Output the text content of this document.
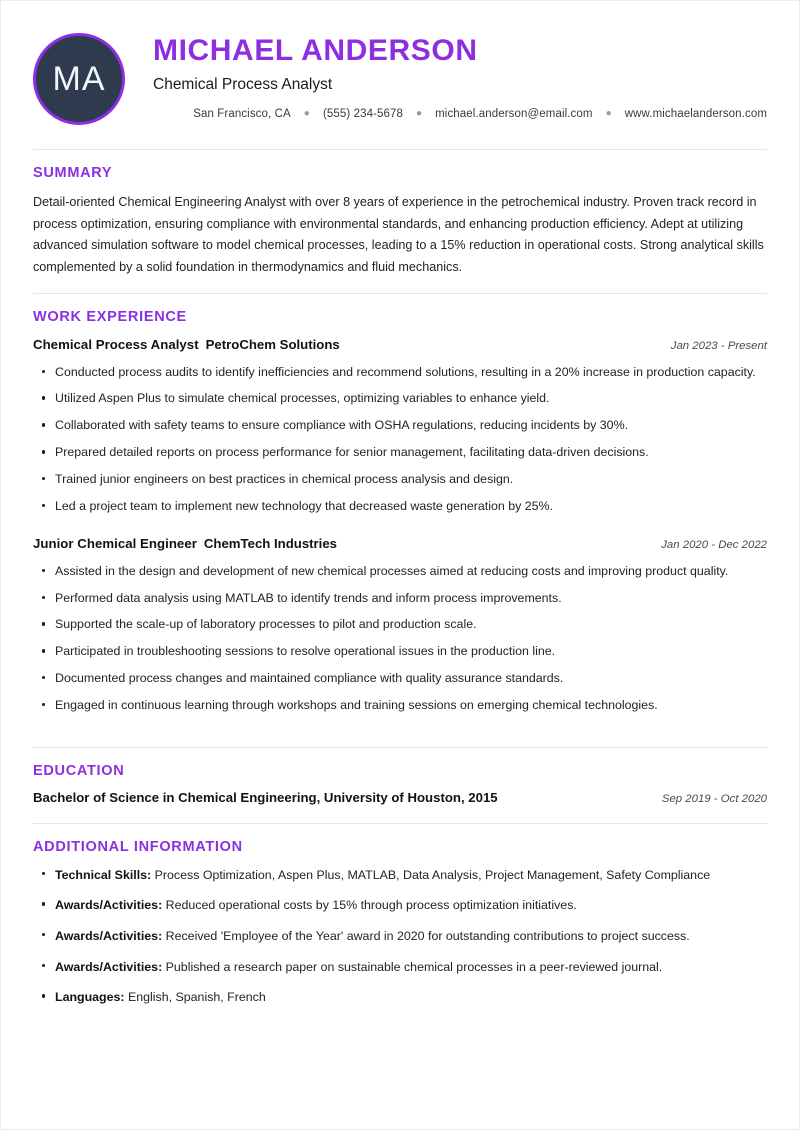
MA
MICHAEL ANDERSON
Chemical Process Analyst
San Francisco, CA ● (555) 234-5678 ● michael.anderson@email.com ● www.michaelanderson.com
SUMMARY
Detail-oriented Chemical Engineering Analyst with over 8 years of experience in the petrochemical industry. Proven track record in process optimization, ensuring compliance with environmental standards, and enhancing production efficiency. Adept at utilizing advanced simulation software to model chemical processes, leading to a 15% reduction in operational costs. Strong analytical skills complemented by a solid foundation in thermodynamics and fluid mechanics.
WORK EXPERIENCE
Chemical Process Analyst PetroChem Solutions	Jan 2023 - Present
Conducted process audits to identify inefficiencies and recommend solutions, resulting in a 20% increase in production capacity.
Utilized Aspen Plus to simulate chemical processes, optimizing variables to enhance yield.
Collaborated with safety teams to ensure compliance with OSHA regulations, reducing incidents by 30%.
Prepared detailed reports on process performance for senior management, facilitating data-driven decisions.
Trained junior engineers on best practices in chemical process analysis and design.
Led a project team to implement new technology that decreased waste generation by 25%.
Junior Chemical Engineer ChemTech Industries	Jan 2020 - Dec 2022
Assisted in the design and development of new chemical processes aimed at reducing costs and improving product quality.
Performed data analysis using MATLAB to identify trends and inform process improvements.
Supported the scale-up of laboratory processes to pilot and production scale.
Participated in troubleshooting sessions to resolve operational issues in the production line.
Documented process changes and maintained compliance with quality assurance standards.
Engaged in continuous learning through workshops and training sessions on emerging chemical technologies.
EDUCATION
Bachelor of Science in Chemical Engineering, University of Houston, 2015	Sep 2019 - Oct 2020
ADDITIONAL INFORMATION
Technical Skills: Process Optimization, Aspen Plus, MATLAB, Data Analysis, Project Management, Safety Compliance
Awards/Activities: Reduced operational costs by 15% through process optimization initiatives.
Awards/Activities: Received 'Employee of the Year' award in 2020 for outstanding contributions to project success.
Awards/Activities: Published a research paper on sustainable chemical processes in a peer-reviewed journal.
Languages: English, Spanish, French
